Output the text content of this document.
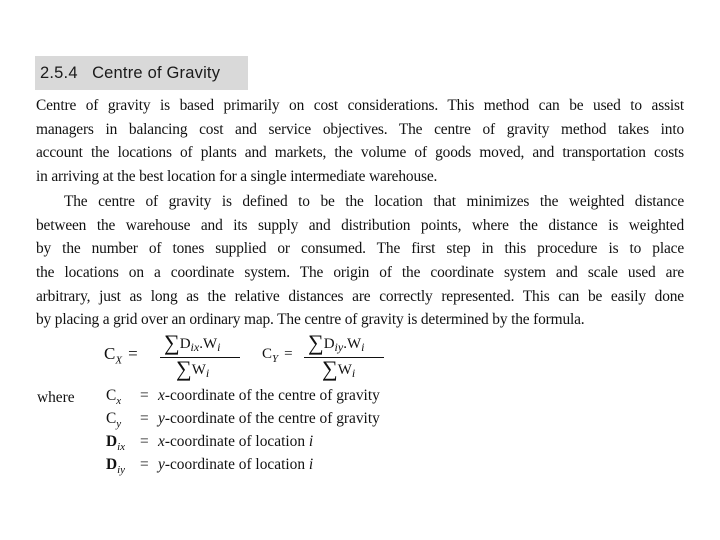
2.5.4 Centre of Gravity
Centre of gravity is based primarily on cost considerations. This method can be used to assist
managers in balancing cost and service objectives. The centre of gravity method takes into
account the locations of plants and markets, the volume of goods moved, and transportation costs
in arriving at the best location for a single intermediate warehouse.
The centre of gravity is defined to be the location that minimizes the weighted distance
between the warehouse and its supply and distribution points, where the distance is weighted
by the number of tones supplied or consumed. The first step in this procedure is to place
the locations on a coordinate system. The origin of the coordinate system and scale used are
arbitrary, just as long as the relative distances are correctly represented. This can be easily done
by placing a grid over an ordinary map. The centre of gravity is determined by the formula.
$C_X = \sum D_{ix}.W_i$
$\sum W_i$
$C_Y = \sum D_{iy}.W_i$
$\sum W_i$
where $C_x$ = x-coordinate of the centre of gravity
$C_y$ = y-coordinate of the centre of gravity
$D_{ix}$ = x-coordinate of location i
$D_{iy}$ = y-coordinate of location i
